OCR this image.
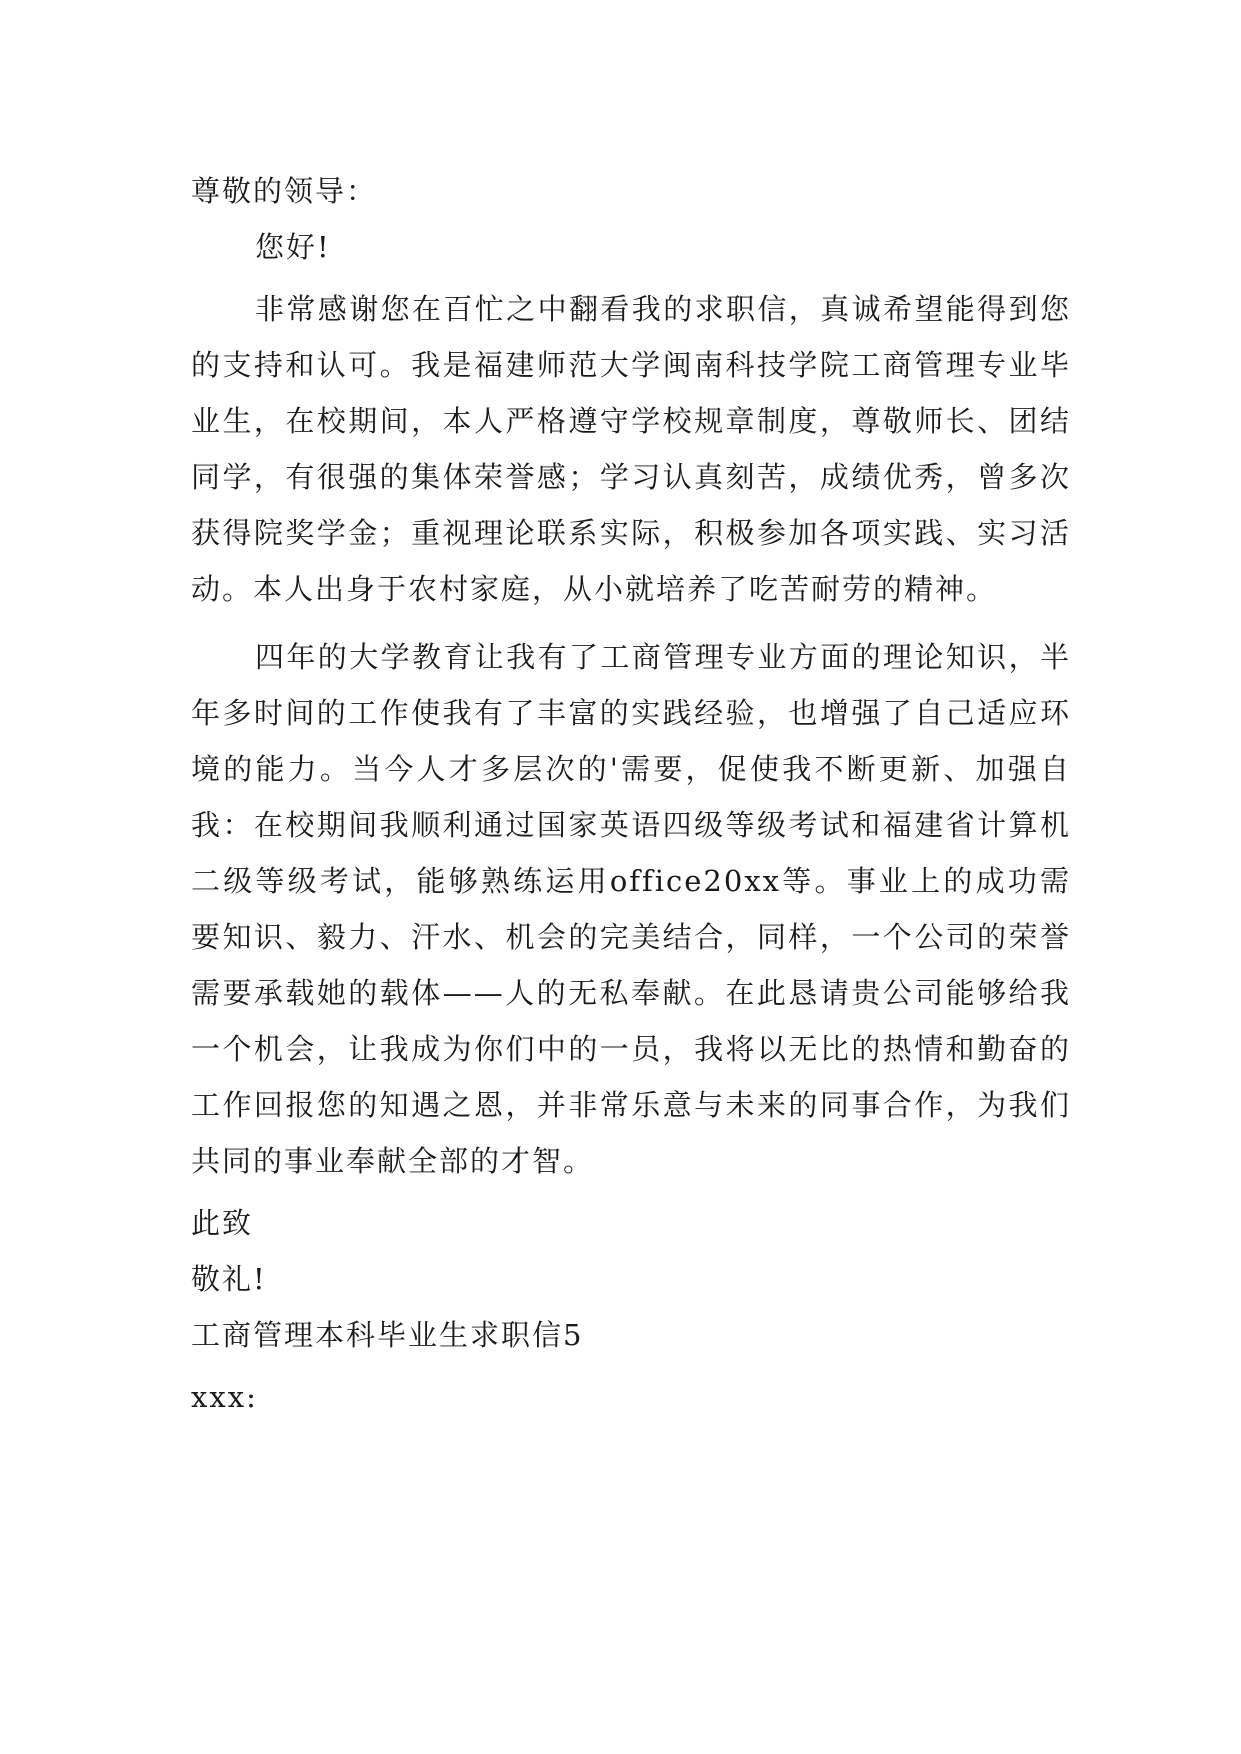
尊敬的领导：

您好!

非常感谢您在百忙之中翻看我的求职信，真诚希望能得到您的支持和认可。我是福建师范大学闽南科技学院工商管理专业毕业生，在校期间，本人严格遵守学校规章制度，尊敬师长、团结同学，有很强的集体荣誉感；学习认真刻苦，成绩优秀，曾多次获得院奖学金；重视理论联系实际，积极参加各项实践、实习活动。本人出身于农村家庭，从小就培养了吃苦耐劳的精神。

四年的大学教育让我有了工商管理专业方面的理论知识，半年多时间的工作使我有了丰富的实践经验，也增强了自己适应环境的能力。当今人才多层次的'需要，促使我不断更新、加强自我：在校期间我顺利通过国家英语四级等级考试和福建省计算机二级等级考试，能够熟练运用office20xx等。事业上的成功需要知识、毅力、汗水、机会的完美结合，同样，一个公司的荣誉需要承载她的载体——人的无私奉献。在此恳请贵公司能够给我一个机会，让我成为你们中的一员，我将以无比的热情和勤奋的工作回报您的知遇之恩，并非常乐意与未来的同事合作，为我们共同的事业奉献全部的才智。

此致

敬礼!

工商管理本科毕业生求职信5

xxx:
